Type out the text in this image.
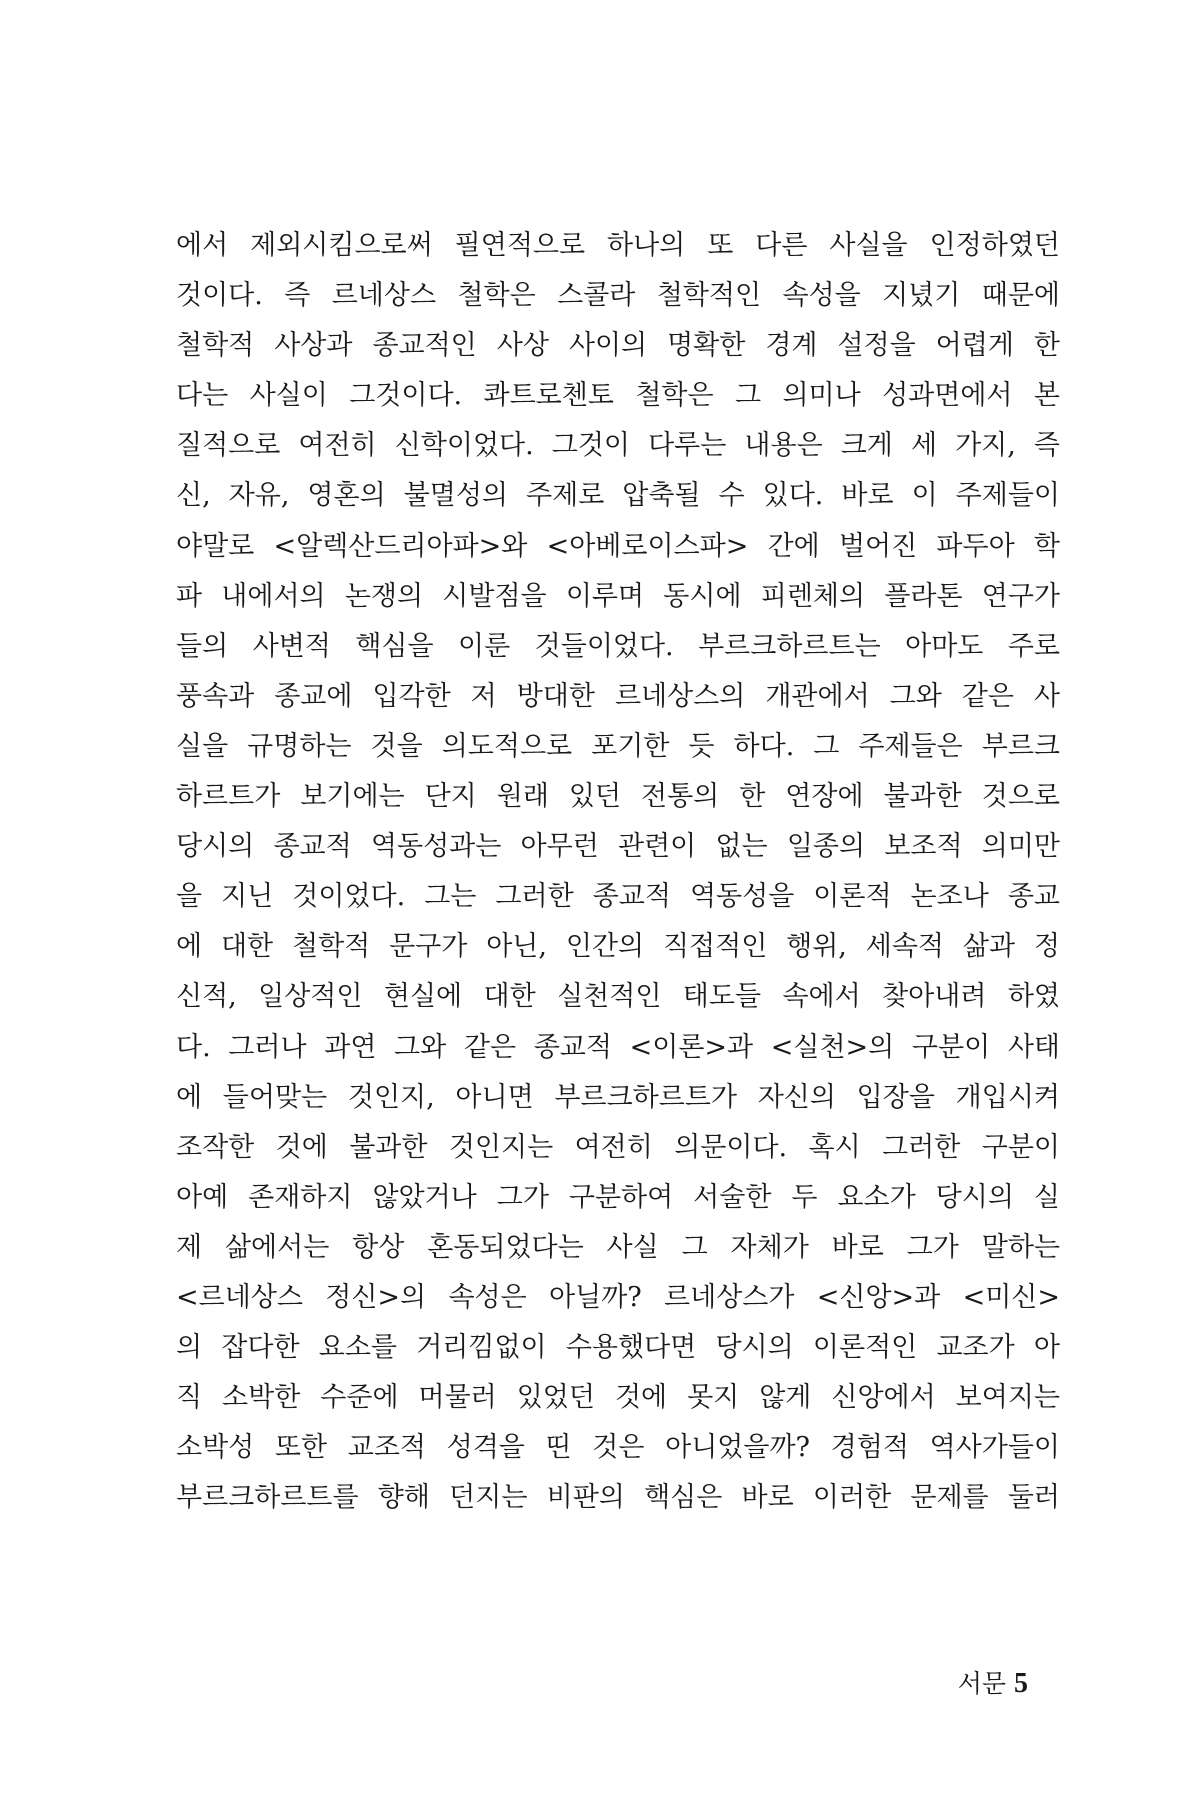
에서 제외시킴으로써 필연적으로 하나의 또 다른 사실을 인정하였던
것이다. 즉 르네상스 철학은 스콜라 철학적인 속성을 지녔기 때문에
철학적 사상과 종교적인 사상 사이의 명확한 경계 설정을 어렵게 한
다는 사실이 그것이다. 콰트로첸토 철학은 그 의미나 성과면에서 본
질적으로 여전히 신학이었다. 그것이 다루는 내용은 크게 세 가지, 즉
신, 자유, 영혼의 불멸성의 주제로 압축될 수 있다. 바로 이 주제들이
야말로 <알렉산드리아파>와 <아베로이스파> 간에 벌어진 파두아 학
파 내에서의 논쟁의 시발점을 이루며 동시에 피렌체의 플라톤 연구가
들의 사변적 핵심을 이룬 것들이었다. 부르크하르트는 아마도 주로
풍속과 종교에 입각한 저 방대한 르네상스의 개관에서 그와 같은 사
실을 규명하는 것을 의도적으로 포기한 듯 하다. 그 주제들은 부르크
하르트가 보기에는 단지 원래 있던 전통의 한 연장에 불과한 것으로
당시의 종교적 역동성과는 아무런 관련이 없는 일종의 보조적 의미만
을 지닌 것이었다. 그는 그러한 종교적 역동성을 이론적 논조나 종교
에 대한 철학적 문구가 아닌, 인간의 직접적인 행위, 세속적 삶과 정
신적, 일상적인 현실에 대한 실천적인 태도들 속에서 찾아내려 하였
다. 그러나 과연 그와 같은 종교적 <이론>과 <실천>의 구분이 사태
에 들어맞는 것인지, 아니면 부르크하르트가 자신의 입장을 개입시켜
조작한 것에 불과한 것인지는 여전히 의문이다. 혹시 그러한 구분이
아예 존재하지 않았거나 그가 구분하여 서술한 두 요소가 당시의 실
제 삶에서는 항상 혼동되었다는 사실 그 자체가 바로 그가 말하는
<르네상스 정신>의 속성은 아닐까? 르네상스가 <신앙>과 <미신>
의 잡다한 요소를 거리낌없이 수용했다면 당시의 이론적인 교조가 아
직 소박한 수준에 머물러 있었던 것에 못지 않게 신앙에서 보여지는
소박성 또한 교조적 성격을 띤 것은 아니었을까? 경험적 역사가들이
부르크하르트를 향해 던지는 비판의 핵심은 바로 이러한 문제를 둘러
서문 5
